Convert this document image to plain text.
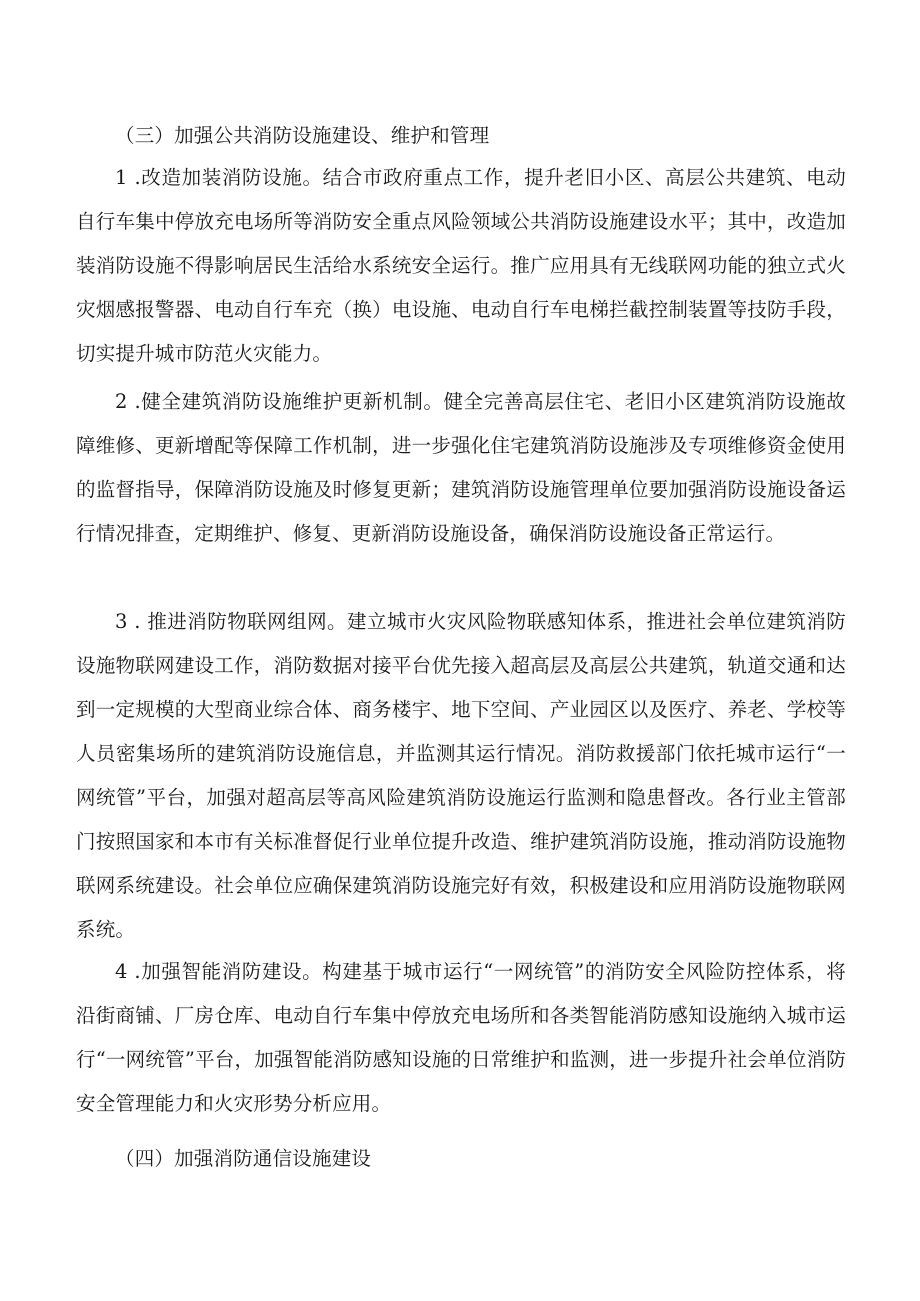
（三）加强公共消防设施建设、维护和管理

1 .改造加装消防设施。结合市政府重点工作，提升老旧小区、高层公共建筑、电动自行车集中停放充电场所等消防安全重点风险领域公共消防设施建设水平；其中，改造加装消防设施不得影响居民生活给水系统安全运行。推广应用具有无线联网功能的独立式火灾烟感报警器、电动自行车充（换）电设施、电动自行车电梯拦截控制装置等技防手段，切实提升城市防范火灾能力。

2 .健全建筑消防设施维护更新机制。健全完善高层住宅、老旧小区建筑消防设施故障维修、更新增配等保障工作机制，进一步强化住宅建筑消防设施涉及专项维修资金使用的监督指导，保障消防设施及时修复更新；建筑消防设施管理单位要加强消防设施设备运行情况排查，定期维护、修复、更新消防设施设备，确保消防设施设备正常运行。

3 . 推进消防物联网组网。建立城市火灾风险物联感知体系，推进社会单位建筑消防设施物联网建设工作，消防数据对接平台优先接入超高层及高层公共建筑，轨道交通和达到一定规模的大型商业综合体、商务楼宇、地下空间、产业园区以及医疗、养老、学校等人员密集场所的建筑消防设施信息，并监测其运行情况。消防救援部门依托城市运行“一网统管”平台，加强对超高层等高风险建筑消防设施运行监测和隐患督改。各行业主管部门按照国家和本市有关标准督促行业单位提升改造、维护建筑消防设施，推动消防设施物联网系统建设。社会单位应确保建筑消防设施完好有效，积极建设和应用消防设施物联网系统。

4 .加强智能消防建设。构建基于城市运行“一网统管”的消防安全风险防控体系，将沿街商铺、厂房仓库、电动自行车集中停放充电场所和各类智能消防感知设施纳入城市运行“一网统管”平台，加强智能消防感知设施的日常维护和监测，进一步提升社会单位消防安全管理能力和火灾形势分析应用。

（四）加强消防通信设施建设
